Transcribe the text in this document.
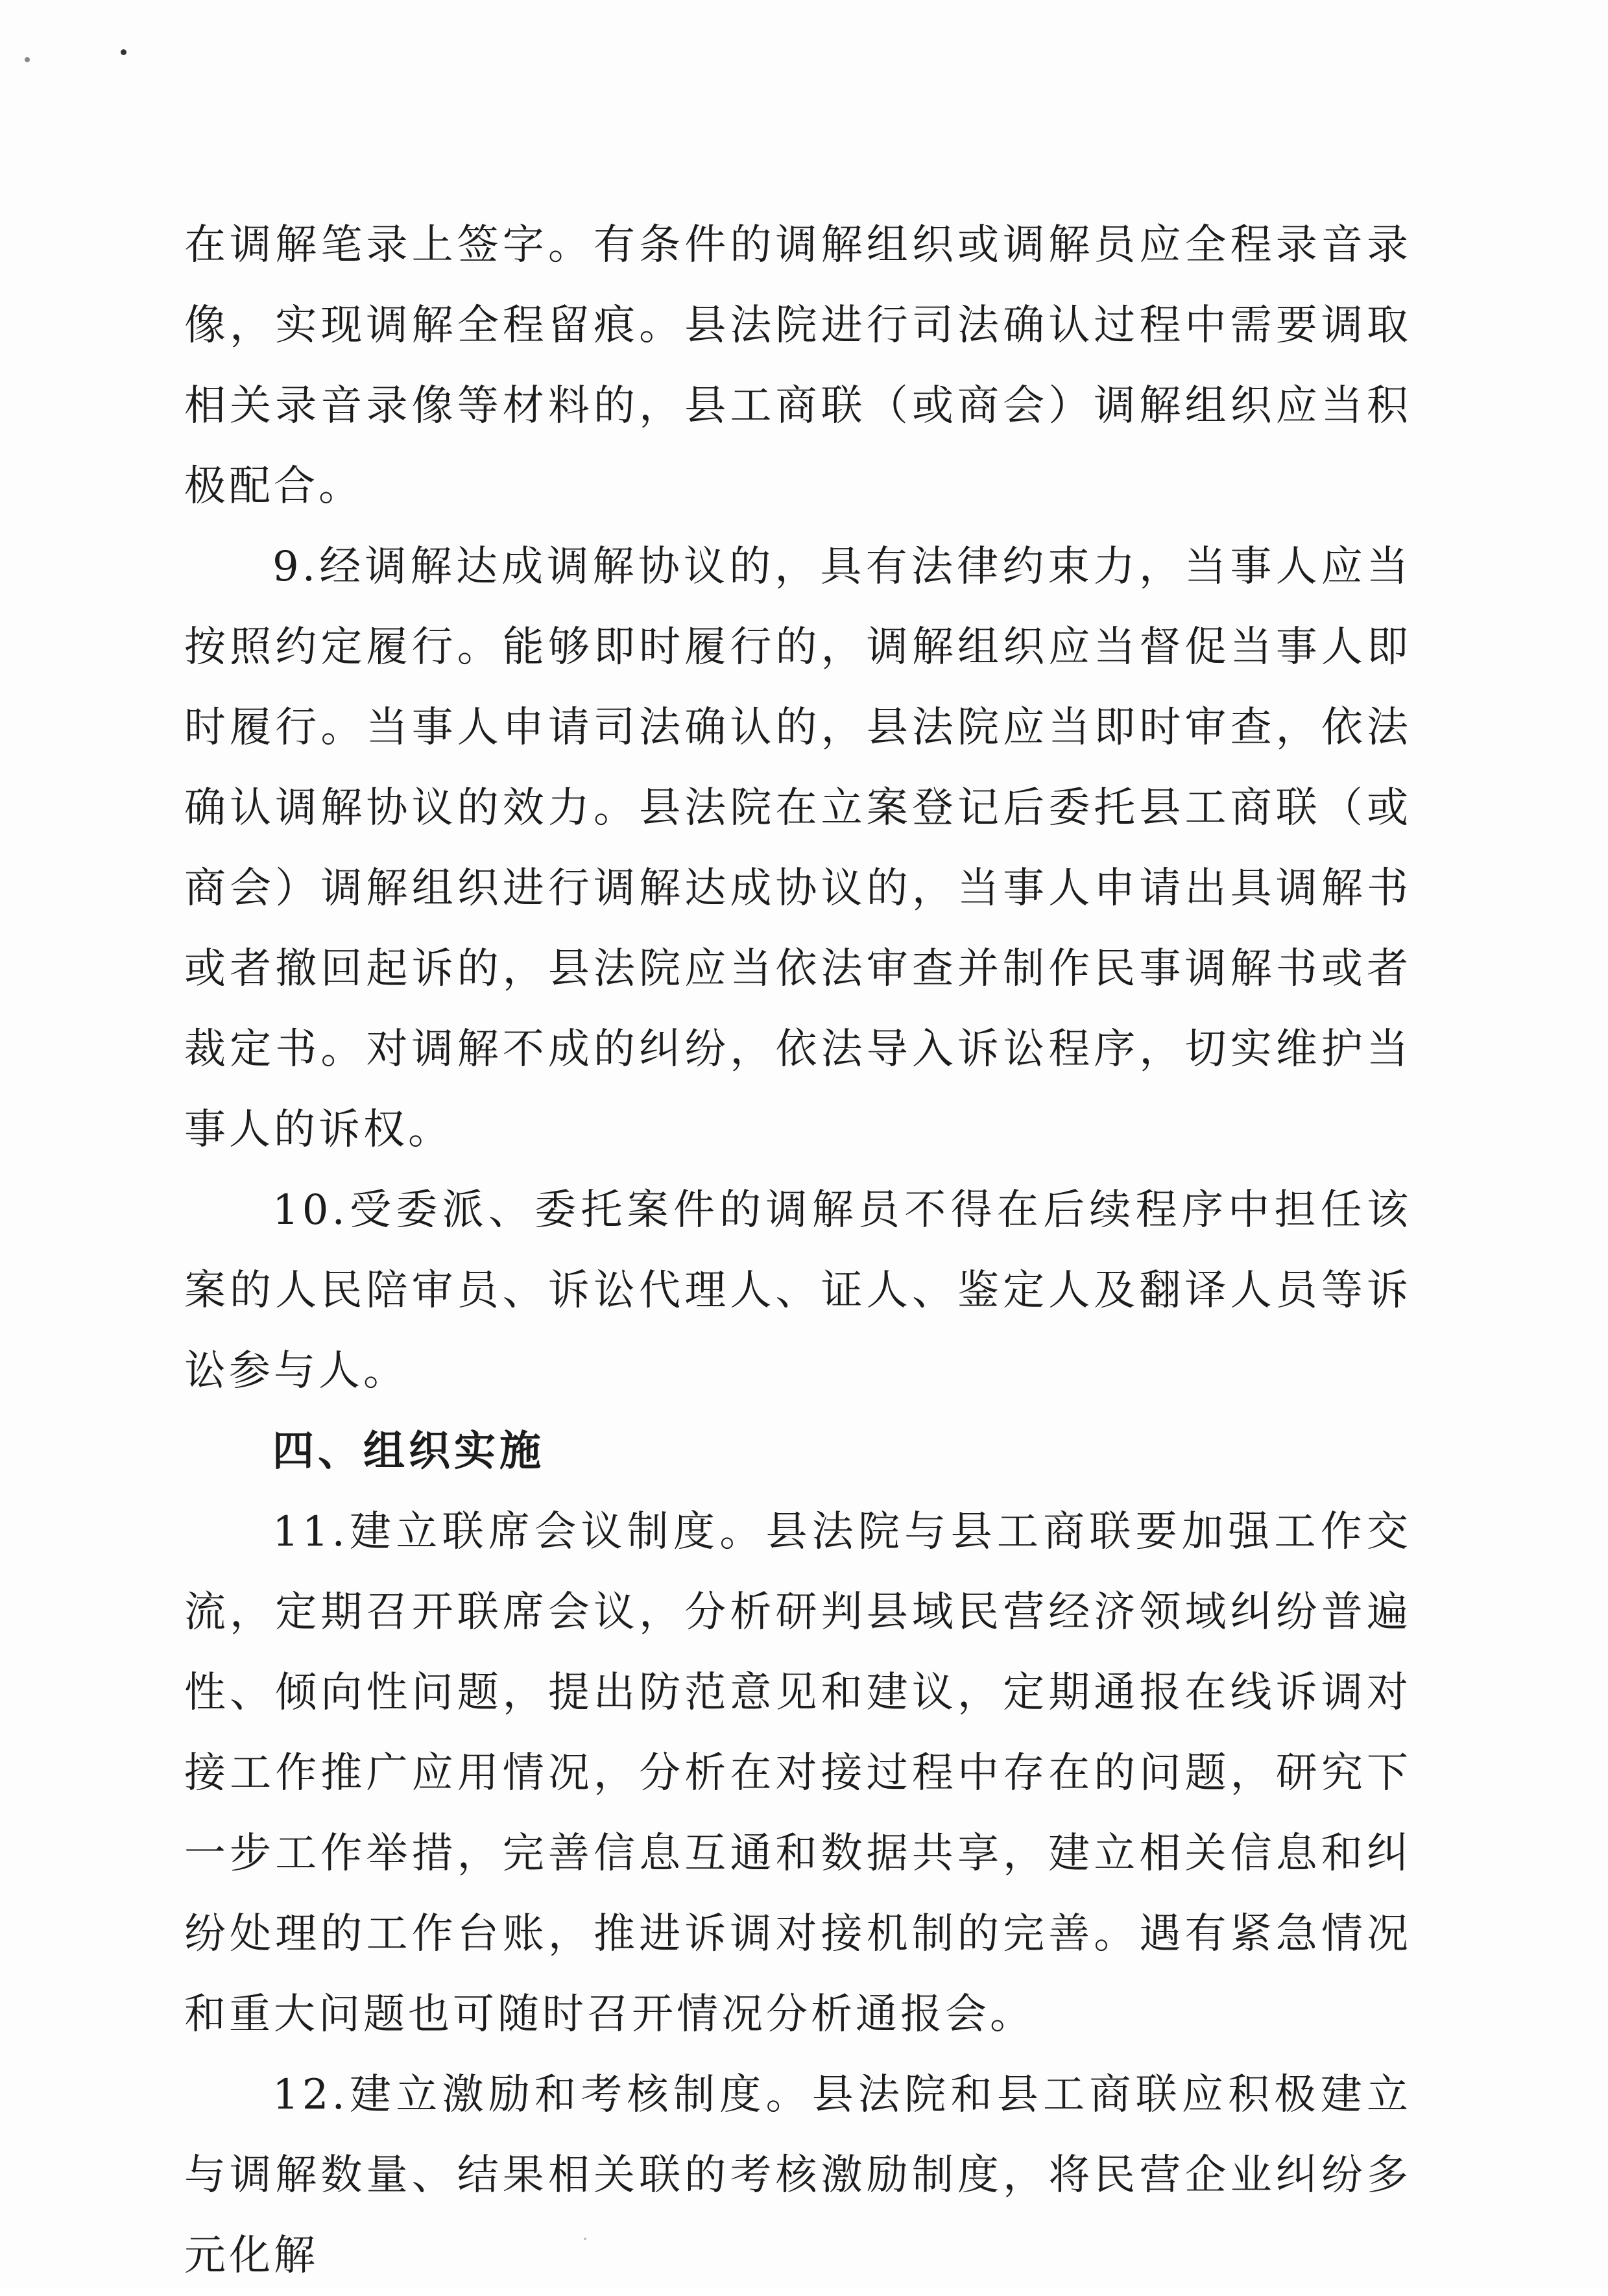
在调解笔录上签字。有条件的调解组织或调解员应全程录音录像，实现调解全程留痕。县法院进行司法确认过程中需要调取相关录音录像等材料的，县工商联（或商会）调解组织应当积极配合。

9.经调解达成调解协议的，具有法律约束力，当事人应当按照约定履行。能够即时履行的，调解组织应当督促当事人即时履行。当事人申请司法确认的，县法院应当即时审查，依法确认调解协议的效力。县法院在立案登记后委托县工商联（或商会）调解组织进行调解达成协议的，当事人申请出具调解书或者撤回起诉的，县法院应当依法审查并制作民事调解书或者裁定书。对调解不成的纠纷，依法导入诉讼程序，切实维护当事人的诉权。

10.受委派、委托案件的调解员不得在后续程序中担任该案的人民陪审员、诉讼代理人、证人、鉴定人及翻译人员等诉讼参与人。

四、组织实施

11.建立联席会议制度。县法院与县工商联要加强工作交流，定期召开联席会议，分析研判县域民营经济领域纠纷普遍性、倾向性问题，提出防范意见和建议，定期通报在线诉调对接工作推广应用情况，分析在对接过程中存在的问题，研究下一步工作举措，完善信息互通和数据共享，建立相关信息和纠纷处理的工作台账，推进诉调对接机制的完善。遇有紧急情况和重大问题也可随时召开情况分析通报会。

12.建立激励和考核制度。县法院和县工商联应积极建立与调解数量、结果相关联的考核激励制度，将民营企业纠纷多元化解
